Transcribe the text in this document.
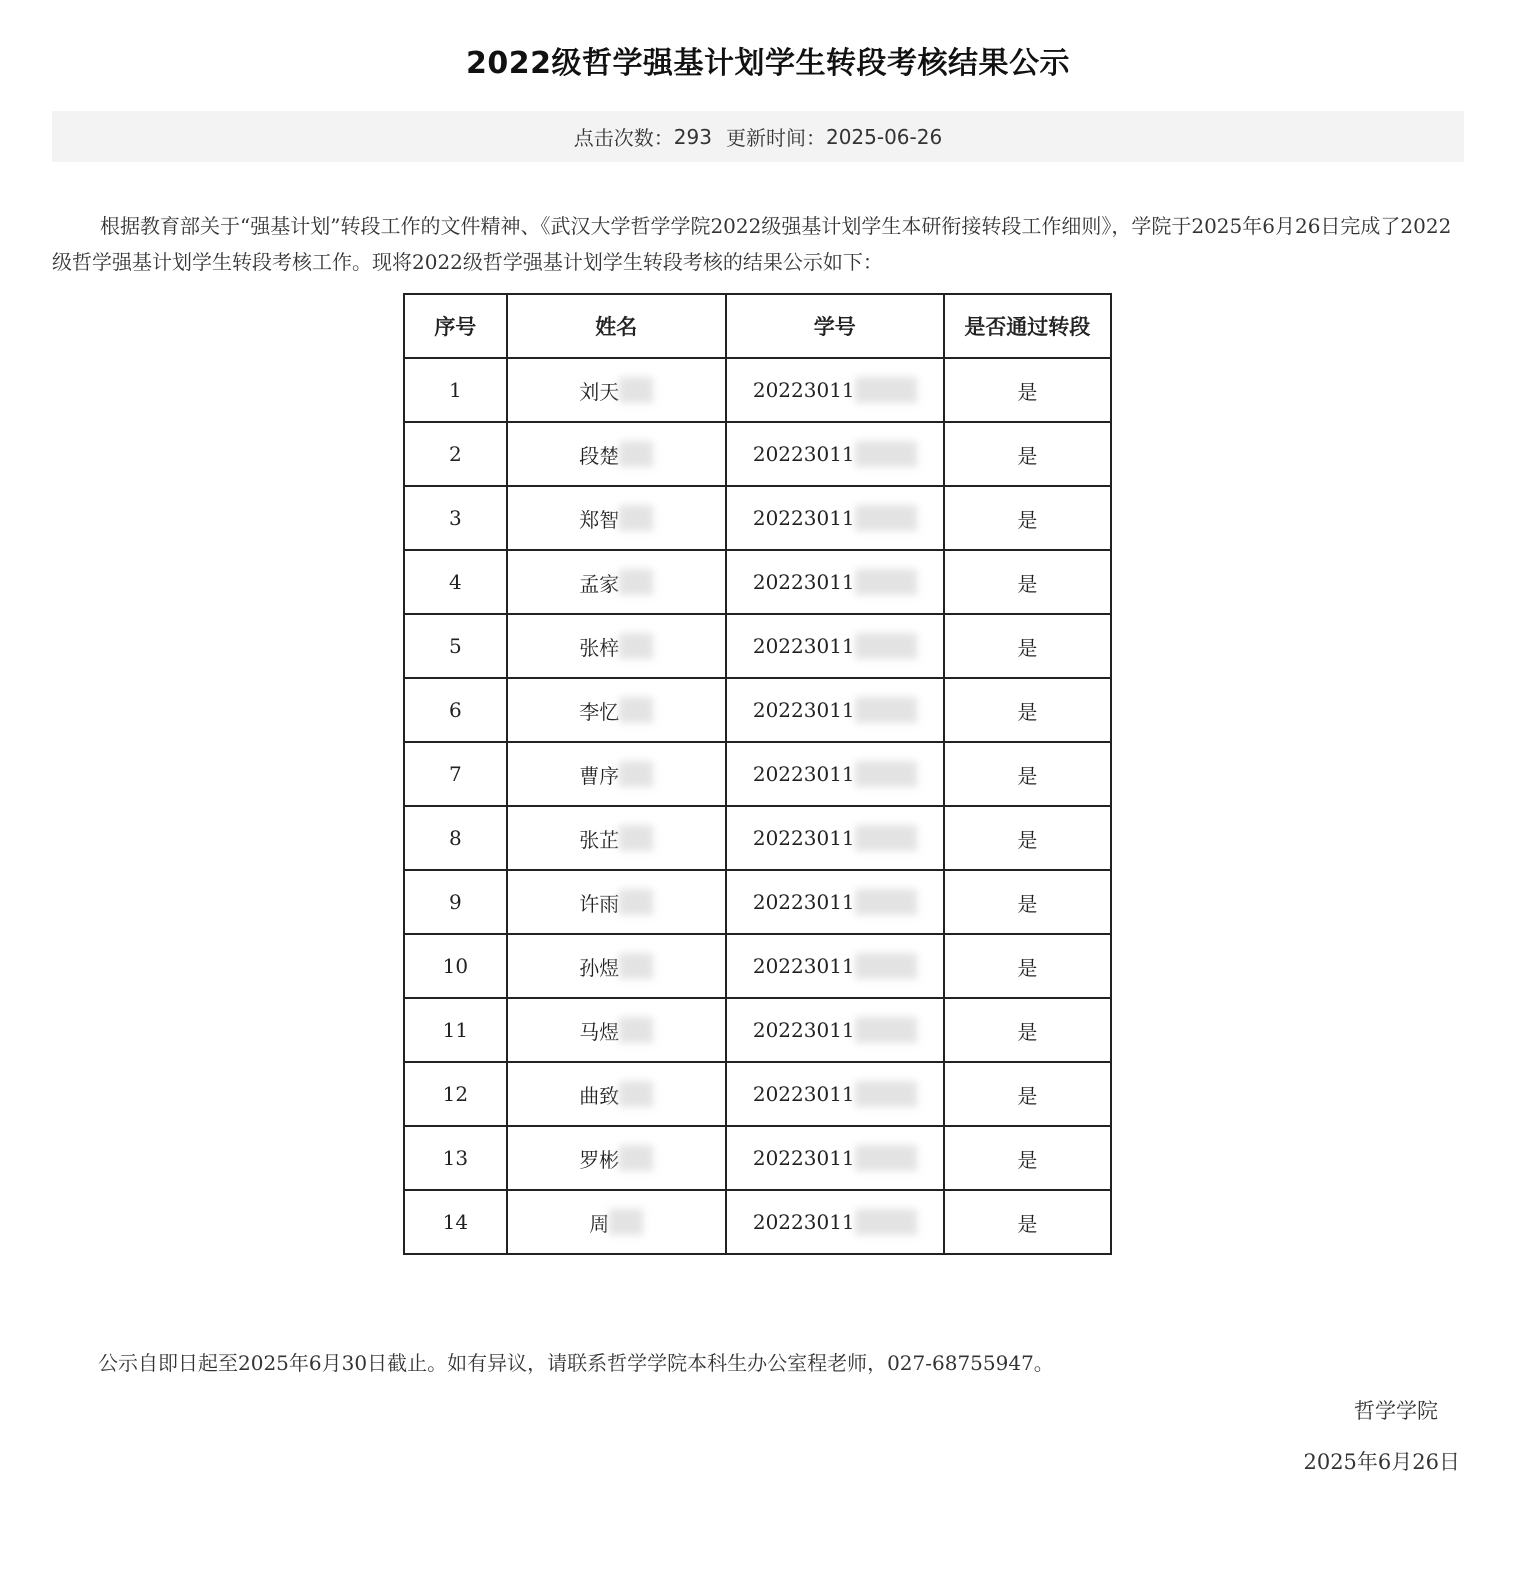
2022级哲学强基计划学生转段考核结果公示
点击次数： 293 更新时间： 2025-06-26

根据教育部关于“强基计划”转段工作的文件精神、《武汉大学哲学学院2022级强基计划学生本研衔接转段工作细则》，学院于2025年6月26日完成了2022级哲学强基计划学生转段考核工作。现将2022级哲学强基计划学生转段考核的结果公示如下：

序号	姓名	学号	是否通过转段
1	刘天	20223011	是
2	段楚	20223011	是
3	郑智	20223011	是
4	孟家	20223011	是
5	张梓	20223011	是
6	李忆	20223011	是
7	曹序	20223011	是
8	张芷	20223011	是
9	许雨	20223011	是
10	孙煜	20223011	是
11	马煜	20223011	是
12	曲致	20223011	是
13	罗彬	20223011	是
14	周	20223011	是
公示自即日起至2025年6月30日截止。如有异议，请联系哲学学院本科生办公室程老师，027-68755947。
哲学学院
2025年6月26日
